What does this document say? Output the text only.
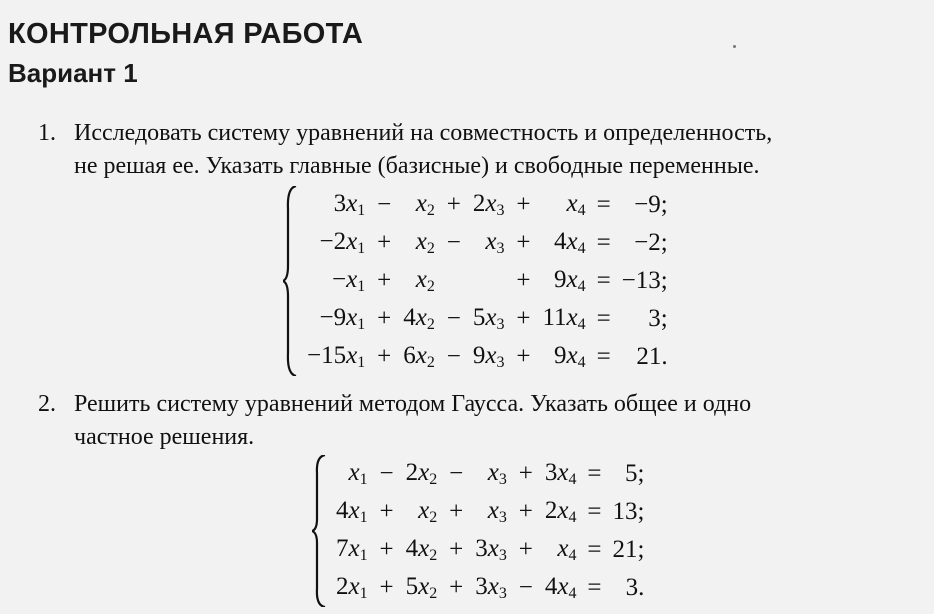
КОНТРОЛЬНАЯ РАБОТА
Вариант 1
1. Исследовать систему уравнений на совместность и определенность,
не решая ее. Указать главные (базисные) и свободные переменные.
$3x_1$	−	$x_2$	+	$2x_3$	+	$x_4$	=	−9;
$-2x_1$	+	$x_2$	−	$x_3$	+	$4x_4$	=	−2;
$-x_1$	+	$x_2$			+	$9x_4$	=	−13;
$-9x_1$	+	$4x_2$	−	$5x_3$	+	$11x_4$	=	3;
$-15x_1$	+	$6x_2$	−	$9x_3$	+	$9x_4$	=	21.
2. Решить систему уравнений методом Гаусса. Указать общее и одно
частное решения.
$x_1$	−	$2x_2$	−	$x_3$	+	$3x_4$	=	5;
$4x_1$	+	$x_2$	+	$x_3$	+	$2x_4$	=	13;
$7x_1$	+	$4x_2$	+	$3x_3$	+	$x_4$	=	21;
$2x_1$	+	$5x_2$	+	$3x_3$	−	$4x_4$	=	3.
